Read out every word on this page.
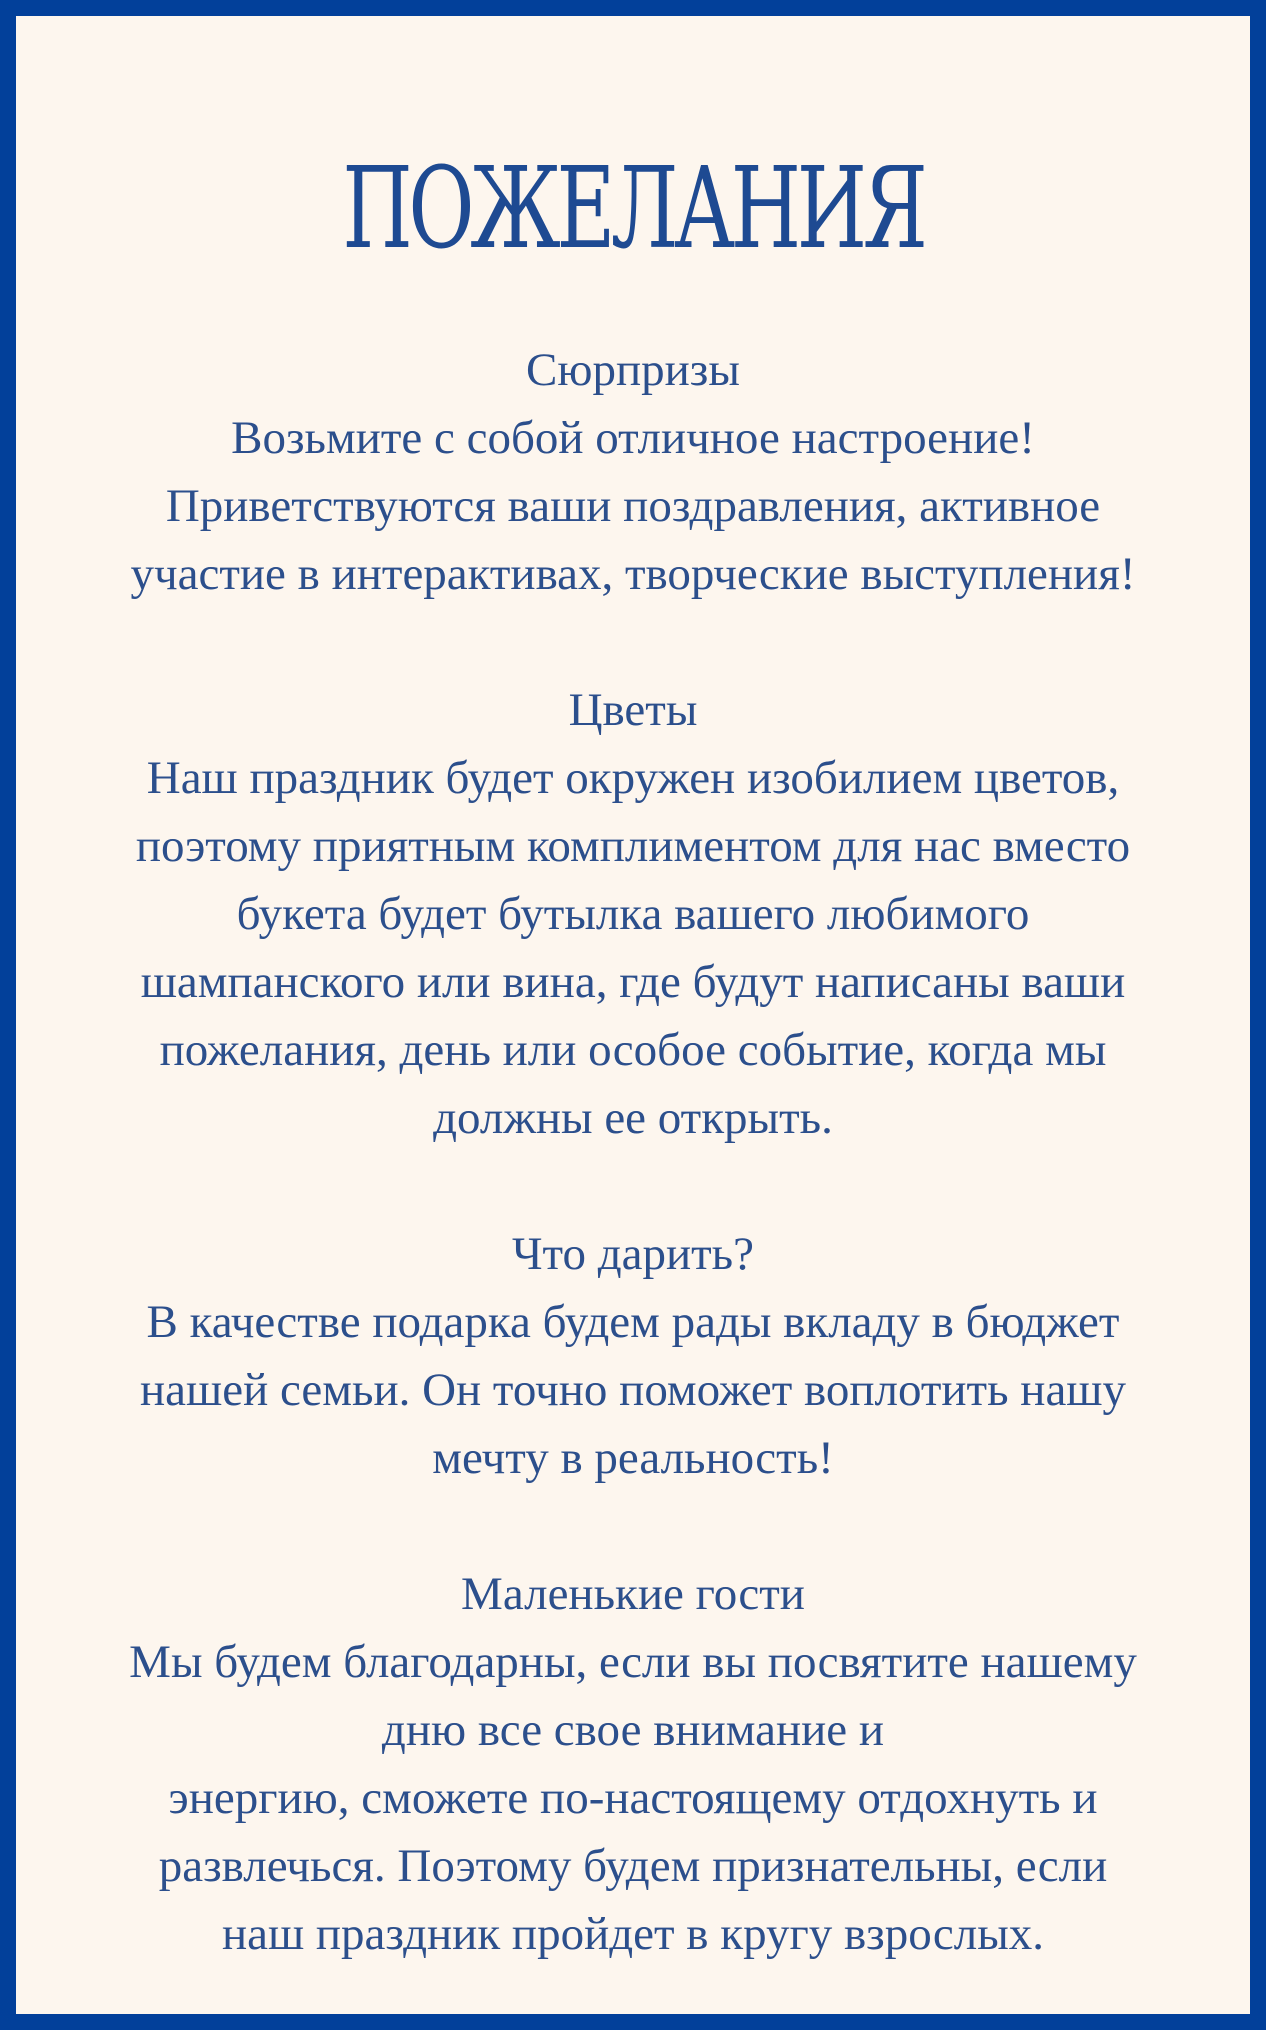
ПОЖЕЛАНИЯ
Сюрпризы
Возьмите с собой отличное настроение!
Приветствуются ваши поздравления, активное
участие в интерактивах, творческие выступления!
Цветы
Наш праздник будет окружен изобилием цветов,
поэтому приятным комплиментом для нас вместо
букета будет бутылка вашего любимого
шампанского или вина, где будут написаны ваши
пожелания, день или особое событие, когда мы
должны ее открыть.
Что дарить?
В качестве подарка будем рады вкладу в бюджет
нашей семьи. Он точно поможет воплотить нашу
мечту в реальность!
Маленькие гости
Мы будем благодарны, если вы посвятите нашему
дню все свое внимание и
энергию, сможете по-настоящему отдохнуть и
развлечься. Поэтому будем признательны, если
наш праздник пройдет в кругу взрослых.
